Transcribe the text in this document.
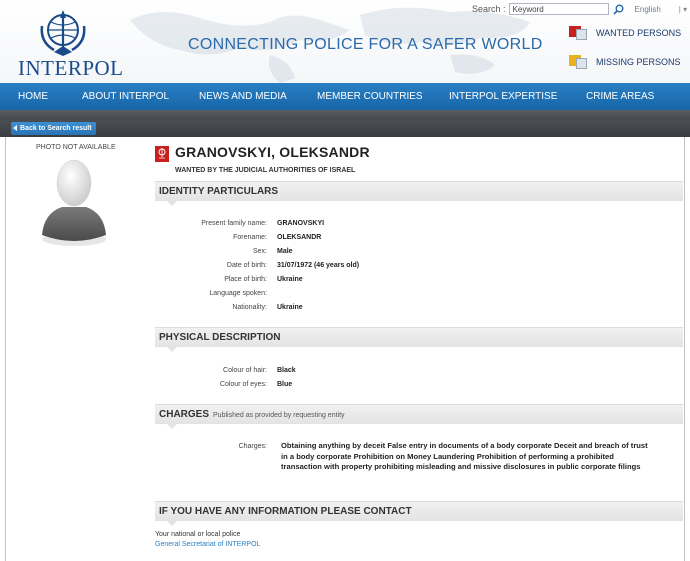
INTERPOL
CONNECTING POLICE FOR A SAFER WORLD
Search :
Keyword	English | ▾
WANTED PERSONS
MISSING PERSONS
HOME	ABOUT INTERPOL	NEWS AND MEDIA	MEMBER COUNTRIES	INTERPOL EXPERTISE	CRIME AREAS
Back to Search result
PHOTO NOT AVAILABLE	GRANOVSKYI, OLEKSANDR
WANTED BY THE JUDICIAL AUTHORITIES OF ISRAEL
IDENTITY PARTICULARS
Present family name: GRANOVSKYI
Forename: OLEKSANDR
Sex: Male
Date of birth: 31/07/1972 (46 years old)
Place of birth: Ukraine
Language spoken:
Nationality: Ukraine
PHYSICAL DESCRIPTION
Colour of hair: Black
Colour of eyes: Blue
CHARGES Published as provided by requesting entity
Charges: Obtaining anything by deceit False entry in documents of a body corporate Deceit and breach of trust in a body corporate Prohibition on Money Laundering Prohibition of performing a prohibited transaction with property prohibiting misleading and missive disclosures in public corporate filings
IF YOU HAVE ANY INFORMATION PLEASE CONTACT
Your national or local police
General Secretariat of INTERPOL
